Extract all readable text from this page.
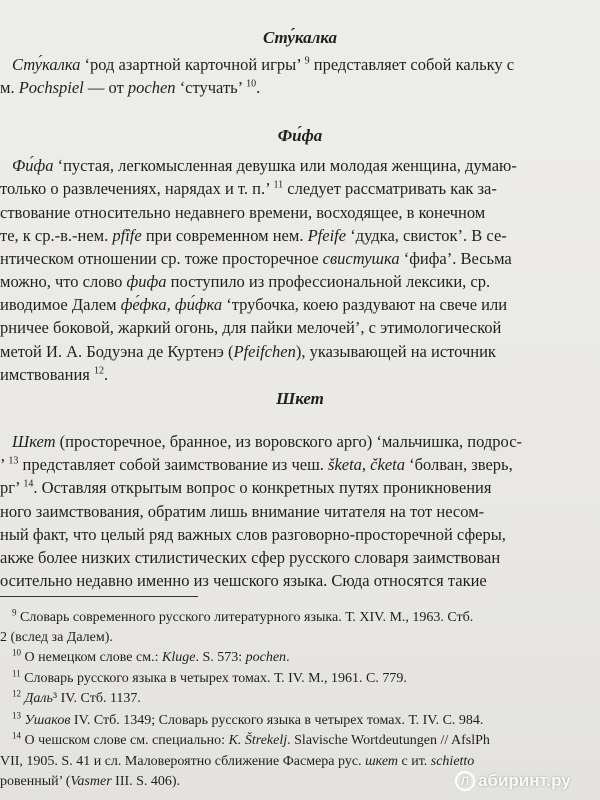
Сту́калка
Сту́калка ‘род азартной карточной игры’ $^9$ представляет собой кальку с
м. Pochspiel — от pochen ‘стучать’ $^{10}$.
Фи́фа
Фи́фа ‘пустая, легкомысленная девушка или молодая женщина, думаю-
только о развлечениях, нарядах и т. п.’ $^{11}$ следует рассматривать как за-
ствование относительно недавнего времени, восходящее, в конечном
те, к ср.-в.-нем. pfîfe при современном нем. Pfeife ‘дудка, свисток’. В се-
нтическом отношении ср. тоже просторечное свистушка ‘фифа’. Весьма
можно, что слово фифа поступило из профессиональной лексики, ср.
иводимое Далем фе́фка, фи́фка ‘трубочка, коею раздувают на свече или
рничее боковой, жаркий огонь, для пайки мелочей’, с этимологической
метой И. А. Бодуэна де Куртенэ (Pfeifchen), указывающей на источник
имствования $^{12}$.
Шкет
Шкет (просторечное, бранное, из воровского арго) ‘мальчишка, подрос-
’ $^{13}$ представляет собой заимствование из чеш. šketa, čketa ‘болван, зверь,
рг’ $^{14}$. Оставляя открытым вопрос о конкретных путях проникновения
ного заимствования, обратим лишь внимание читателя на тот несом-
ный факт, что целый ряд важных слов разговорно-просторечной сферы,
акже более низких стилистических сфер русского словаря заимствован
осительно недавно именно из чешского языка. Сюда относятся такие
$^9$ Словарь современного русского литературного языка. Т. XIV. М., 1963. Стб.
2 (вслед за Далем).
$^{10}$ О немецком слове см.: Kluge. S. 573: pochen.
$^{11}$ Словарь русского языка в четырех томах. Т. IV. М., 1961. С. 779.
$^{12}$ Даль³ IV. Стб. 1137.
$^{13}$ Ушаков IV. Стб. 1349; Словарь русского языка в четырех томах. Т. IV. С. 984.
$^{14}$ О чешском слове см. специально: K. Štrekelj. Slavische Wortdeutungen // AfslPh
VII, 1905. S. 41 и сл. Маловероятно сближение Фасмера рус. шкет с ит. schietto
ровенный’ (Vasmer III. S. 406).	Л абиринт.ру
